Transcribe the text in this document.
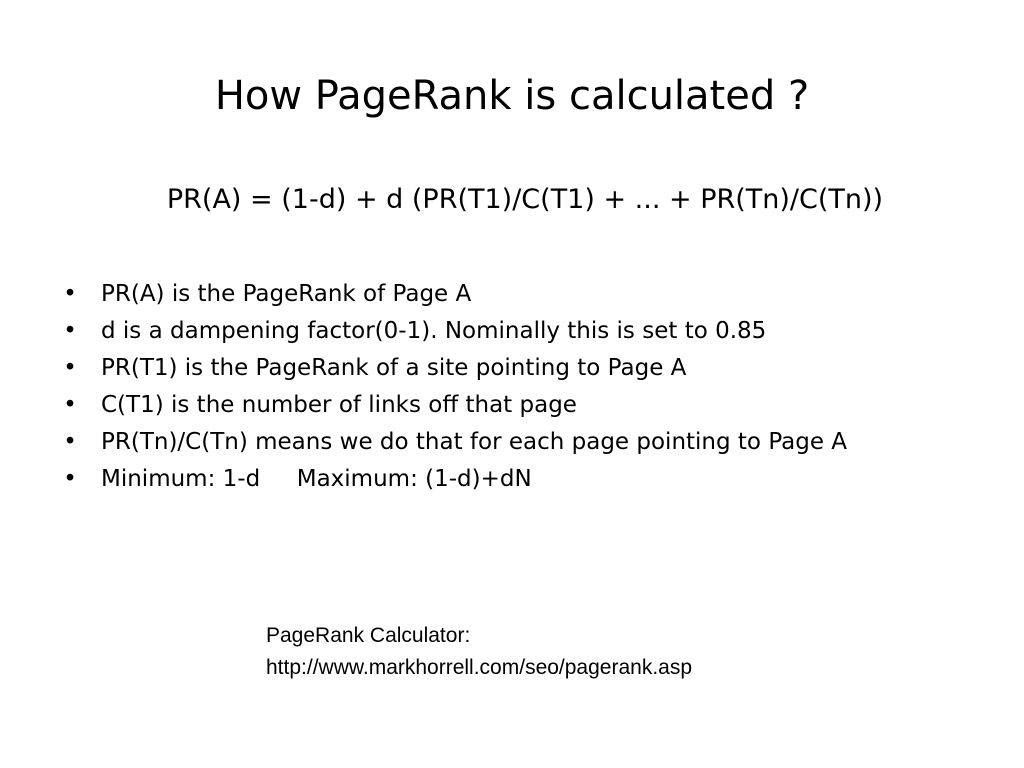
How PageRank is calculated ?
PR(A) = (1-d) + d (PR(T1)/C(T1) + ... + PR(Tn)/C(Tn))
• PR(A) is the PageRank of Page A
• d is a dampening factor(0-1). Nominally this is set to 0.85
• PR(T1) is the PageRank of a site pointing to Page A
• C(T1) is the number of links off that page
• PR(Tn)/C(Tn) means we do that for each page pointing to Page A
• Minimum: 1-d     Maximum: (1-d)+dN
PageRank Calculator:
http://www.markhorrell.com/seo/pagerank.asp
